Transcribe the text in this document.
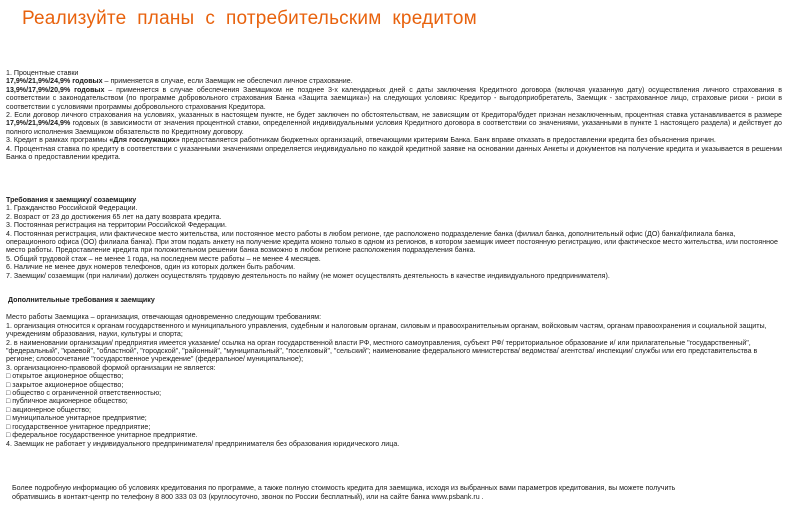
Реализуйте  планы  с  потребительским  кредитом

1. Процентные ставки

17,9%/21,9%/24,9% годовых – применяется в случае, если Заемщик не обеспечил личное страхование.

13,9%/17,9%/20,9% годовых – применяется в случае обеспечения Заемщиком не позднее 3-х календарных дней с даты заключения Кредитного договора (включая указанную дату) осуществления личного страхования в соответствии с законодательством (по программе добровольного страхования Банка «Защита заемщика») на следующих условиях: Кредитор - выгодоприобретатель, Заемщик - застрахованное лицо, страховые риски - риски в соответствии с условиями программы добровольного страхования Кредитора.

2. Если договор личного страхования на условиях, указанных в настоящем пункте, не будет заключен по обстоятельствам, не зависящим от Кредитора/будет признан незаключенным, процентная ставка устанавливается в размере 17,9%/21,9%/24,9% годовых (в зависимости от значения процентной ставки, определенной индивидуальными условия Кредитного договора в соответствии со значениями, указанными в пункте 1 настоящего раздела) и действует до полного исполнения Заемщиком обязательств по Кредитному договору.

3. Кредит в рамках программы «Для госслужащих» предоставляется работникам бюджетных организаций, отвечающими критериям Банка. Банк вправе отказать в предоставлении кредита без объяснения причин.

4. Процентная ставка по кредиту в соответствии с указанными значениями определяется индивидуально по каждой кредитной заявке на основании данных Анкеты и документов на получение кредита и указывается в решении Банка о предоставлении кредита.

Требования к заемщику/ созаемщику

1. Гражданство Российской Федерации.

2. Возраст от 23 до достижения 65 лет на дату возврата кредита.

3. Постоянная регистрация на территории Российской Федерации.

4. Постоянная регистрация, или фактическое место жительства, или постоянное место работы в любом регионе, где расположено подразделение банка (филиал банка, дополнительный офис (ДО) банка/филиала банка, операционного офиса (ОО) филиала банка). При этом подать анкету на получение кредита можно только в одном из регионов, в котором заемщик имеет постоянную регистрацию, или фактическое место жительства, или постоянное место работы. Предоставление кредита при положительном решении банка возможно в любом регионе расположения подразделения банка.

5. Общий трудовой стаж – не менее 1 года, на последнем месте работы – не менее 4 месяцев.

6. Наличие не менее двух номеров телефонов, один из которых должен быть рабочим.

7. Заемщик/ созаемщик (при наличии) должен осуществлять трудовую деятельность по найму (не может осуществлять деятельность в качестве индивидуального предпринимателя).

Дополнительные требования к заемщику

Место работы Заемщика – организация, отвечающая одновременно следующим требованиям:

1. организация относится к органам государственного и муниципального управления, судебным и налоговым органам, силовым и правоохранительным органам, войсковым частям, органам правоохранения и социальной защиты, учреждениям образования, науки, культуры и спорта;

2. в наименовании организации/ предприятия имеется указание/ ссылка на орган государственной власти РФ, местного самоуправления, субъект РФ/ территориальное образование и/ или прилагательные "государственный", "федеральный", "краевой", "областной", "городской", "районный", "муниципальный", "поселковый", "сельский"; наименование федерального министерства/ ведомства/ агентства/ инспекции/ службы или его представительства в регионе; словосочетание "государственное учреждение" (федеральное/ муниципальное);

3. организационно-правовой формой организации не является:

□ открытое акционерное общество;

□ закрытое акционерное общество;

□ общество с ограниченной ответственностью;

□ публичное акционерное общество;

□ акционерное общество;

□ муниципальное унитарное предприятие;

□ государственное унитарное предприятие;

□ федеральное государственное унитарное предприятие.

4. Заемщик не работает у индивидуального предпринимателя/ предпринимателя без образования юридического лица.

Более подробную информацию об условиях кредитования по программе, а также полную стоимость кредита для заемщика, исходя из выбранных вами параметров кредитования, вы можете получить

обратившись в контакт-центр по телефону 8 800 333 03 03 (круглосуточно, звонок по России бесплатный), или на сайте банка www.psbank.ru .
